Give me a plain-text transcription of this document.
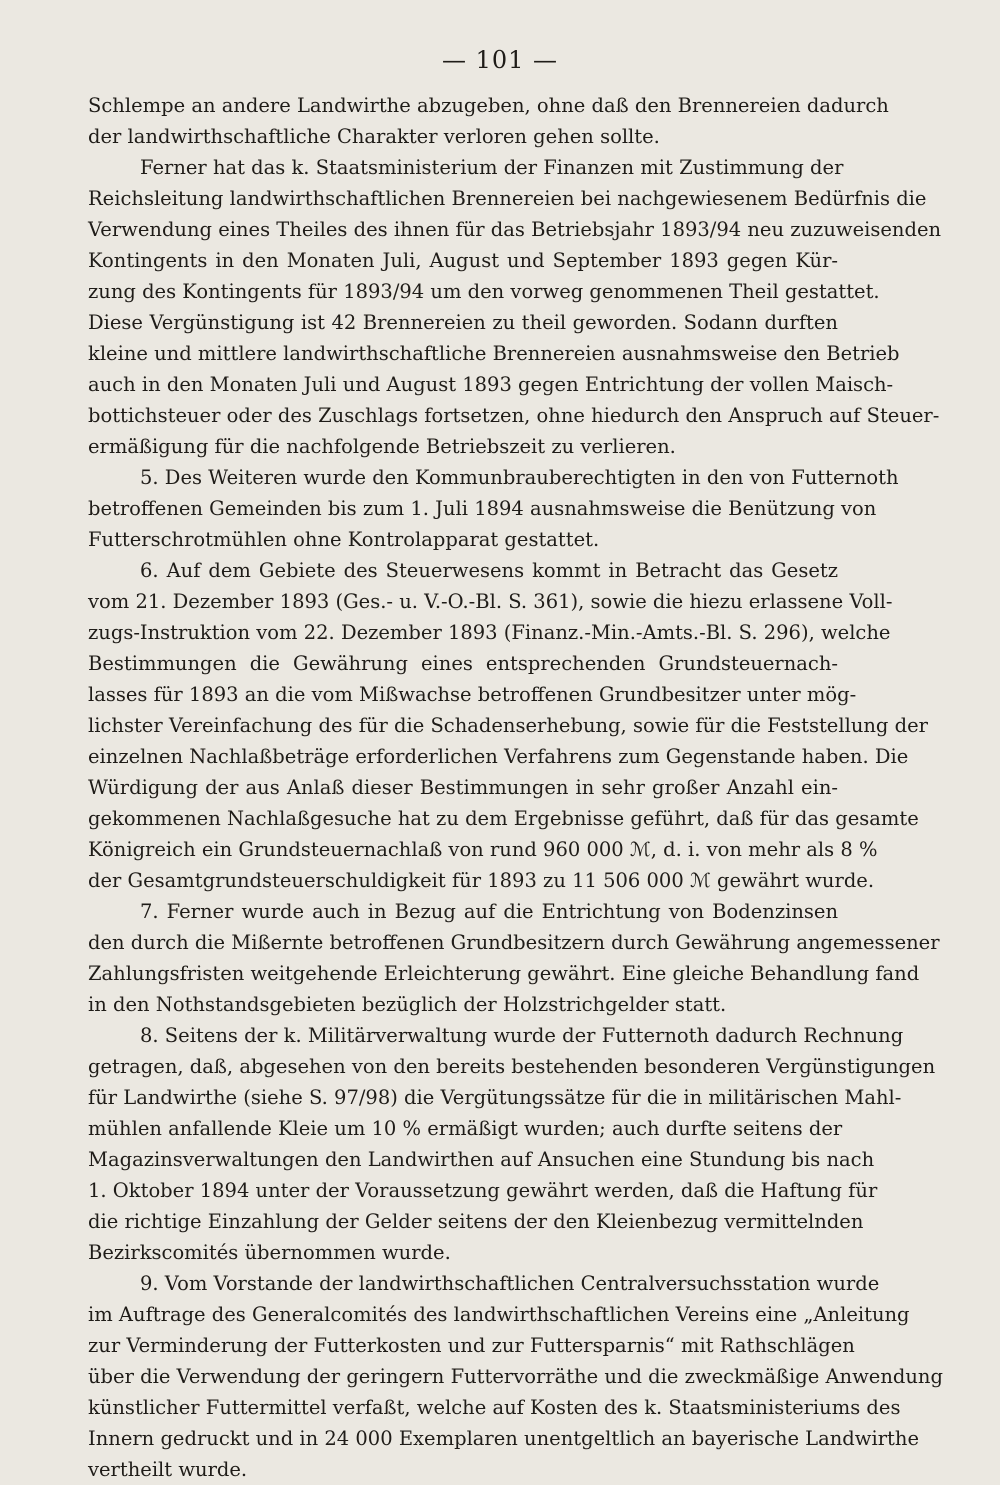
— 101 —
Schlempe an andere Landwirthe abzugeben, ohne daß den Brennereien dadurch
der landwirthschaftliche Charakter verloren gehen sollte.
Ferner hat das k. Staatsministerium der Finanzen mit Zustimmung der
Reichsleitung landwirthschaftlichen Brennereien bei nachgewiesenem Bedürfnis die
Verwendung eines Theiles des ihnen für das Betriebsjahr 1893/94 neu zuzuweisenden
Kontingents in den Monaten Juli, August und September 1893 gegen Kür-
zung des Kontingents für 1893/94 um den vorweg genommenen Theil gestattet.
Diese Vergünstigung ist 42 Brennereien zu theil geworden. Sodann durften
kleine und mittlere landwirthschaftliche Brennereien ausnahmsweise den Betrieb
auch in den Monaten Juli und August 1893 gegen Entrichtung der vollen Maisch-
bottichsteuer oder des Zuschlags fortsetzen, ohne hiedurch den Anspruch auf Steuer-
ermäßigung für die nachfolgende Betriebszeit zu verlieren.
5. Des Weiteren wurde den Kommunbrauberechtigten in den von Futternoth
betroffenen Gemeinden bis zum 1. Juli 1894 ausnahmsweise die Benützung von
Futterschrotmühlen ohne Kontrolapparat gestattet.
6. Auf dem Gebiete des Steuerwesens kommt in Betracht das Gesetz
vom 21. Dezember 1893 (Ges.- u. V.-O.-Bl. S. 361), sowie die hiezu erlassene Voll-
zugs-Instruktion vom 22. Dezember 1893 (Finanz.-Min.-Amts.-Bl. S. 296), welche
Bestimmungen die Gewährung eines entsprechenden Grundsteuernach-
lasses für 1893 an die vom Mißwachse betroffenen Grundbesitzer unter mög-
lichster Vereinfachung des für die Schadenserhebung, sowie für die Feststellung der
einzelnen Nachlaßbeträge erforderlichen Verfahrens zum Gegenstande haben. Die
Würdigung der aus Anlaß dieser Bestimmungen in sehr großer Anzahl ein-
gekommenen Nachlaßgesuche hat zu dem Ergebnisse geführt, daß für das gesamte
Königreich ein Grundsteuernachlaß von rund 960 000 ℳ, d. i. von mehr als 8 %
der Gesamtgrundsteuerschuldigkeit für 1893 zu 11 506 000 ℳ gewährt wurde.
7. Ferner wurde auch in Bezug auf die Entrichtung von Bodenzinsen
den durch die Mißernte betroffenen Grundbesitzern durch Gewährung angemessener
Zahlungsfristen weitgehende Erleichterung gewährt. Eine gleiche Behandlung fand
in den Nothstandsgebieten bezüglich der Holzstrichgelder statt.
8. Seitens der k. Militärverwaltung wurde der Futternoth dadurch Rechnung
getragen, daß, abgesehen von den bereits bestehenden besonderen Vergünstigungen
für Landwirthe (siehe S. 97/98) die Vergütungssätze für die in militärischen Mahl-
mühlen anfallende Kleie um 10 % ermäßigt wurden; auch durfte seitens der
Magazinsverwaltungen den Landwirthen auf Ansuchen eine Stundung bis nach
1. Oktober 1894 unter der Voraussetzung gewährt werden, daß die Haftung für
die richtige Einzahlung der Gelder seitens der den Kleienbezug vermittelnden
Bezirkscomités übernommen wurde.
9. Vom Vorstande der landwirthschaftlichen Centralversuchsstation wurde
im Auftrage des Generalcomités des landwirthschaftlichen Vereins eine „Anleitung
zur Verminderung der Futterkosten und zur Futtersparnis“ mit Rathschlägen
über die Verwendung der geringern Futtervorräthe und die zweckmäßige Anwendung
künstlicher Futtermittel verfaßt, welche auf Kosten des k. Staatsministeriums des
Innern gedruckt und in 24 000 Exemplaren unentgeltlich an bayerische Landwirthe
vertheilt wurde.
